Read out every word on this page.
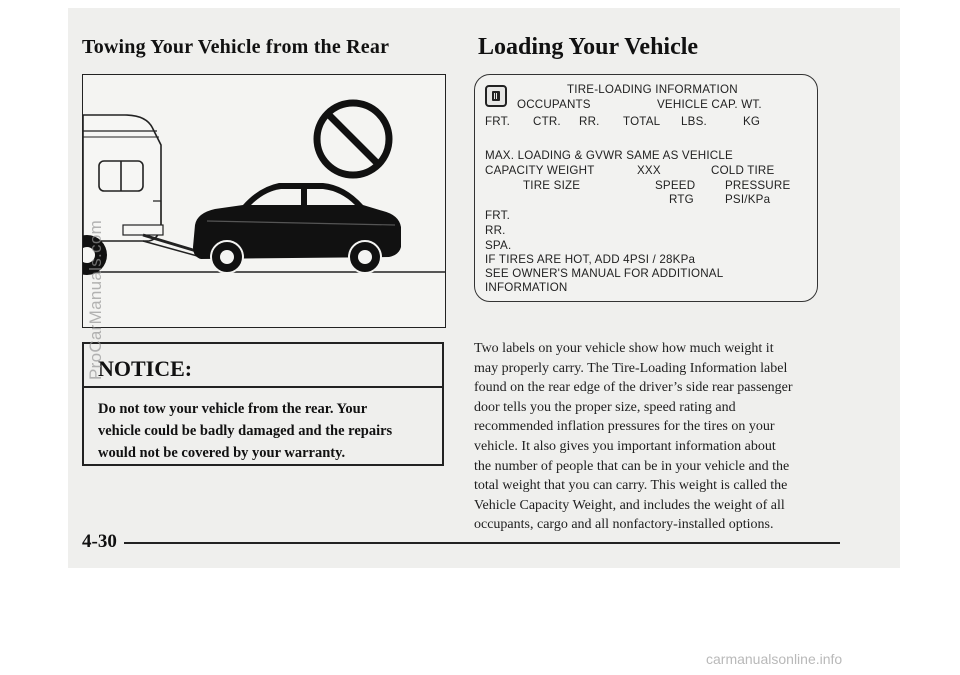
Towing Your Vehicle from the Rear	Loading Your Vehicle
NOTICE:
Do not tow your vehicle from the rear. Your
vehicle could be badly damaged and the repairs
would not be covered by your warranty.
TIRE-LOADING INFORMATION
OCCUPANTS	VEHICLE CAP. WT.
FRT. CTR. RR. TOTAL LBS.	KG
MAX. LOADING & GVWR SAME AS VEHICLE
CAPACITY WEIGHT	XXX	COLD TIRE
TIRE SIZE	SPEED	PRESSURE
RTG	PSI/KPa
FRT.
RR.
SPA.
IF TIRES ARE HOT, ADD 4PSI / 28KPa
SEE OWNER'S MANUAL FOR ADDITIONAL
INFORMATION
Two labels on your vehicle show how much weight it
may properly carry. The Tire-Loading Information label
found on the rear edge of the driver’s side rear passenger
door tells you the proper size, speed rating and
recommended inflation pressures for the tires on your
vehicle. It also gives you important information about
the number of people that can be in your vehicle and the
total weight that you can carry. This weight is called the
Vehicle Capacity Weight, and includes the weight of all
occupants, cargo and all nonfactory-installed options.
4-30
ProCarManuals.com
carmanualsonline.info
